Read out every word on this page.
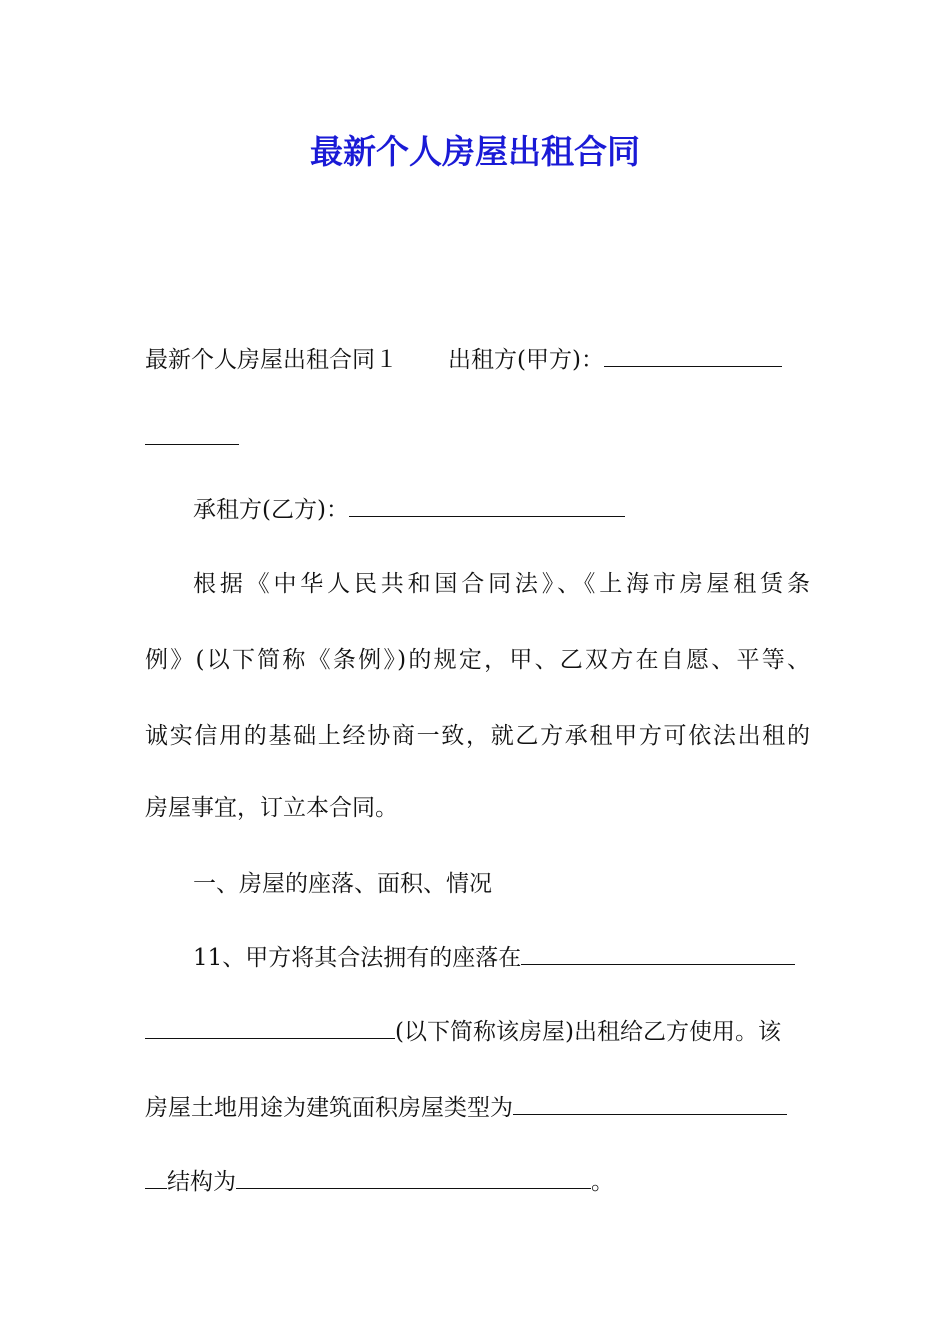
最新个人房屋出租合同

最新个人房屋出租合同１ 出租方(甲方)：

承租方(乙方)：

根据《中华人民共和国合同法》、《上海市房屋租赁条

例》(以下简称《条例》)的规定，甲、乙双方在自愿、平等、

诚实信用的基础上经协商一致，就乙方承租甲方可依法出租的

房屋事宜，订立本合同。

一、房屋的座落、面积、情况

11、甲方将其合法拥有的座落在

(以下简称该房屋)出租给乙方使用。该

房屋土地用途为建筑面积房屋类型为

结构为	。
